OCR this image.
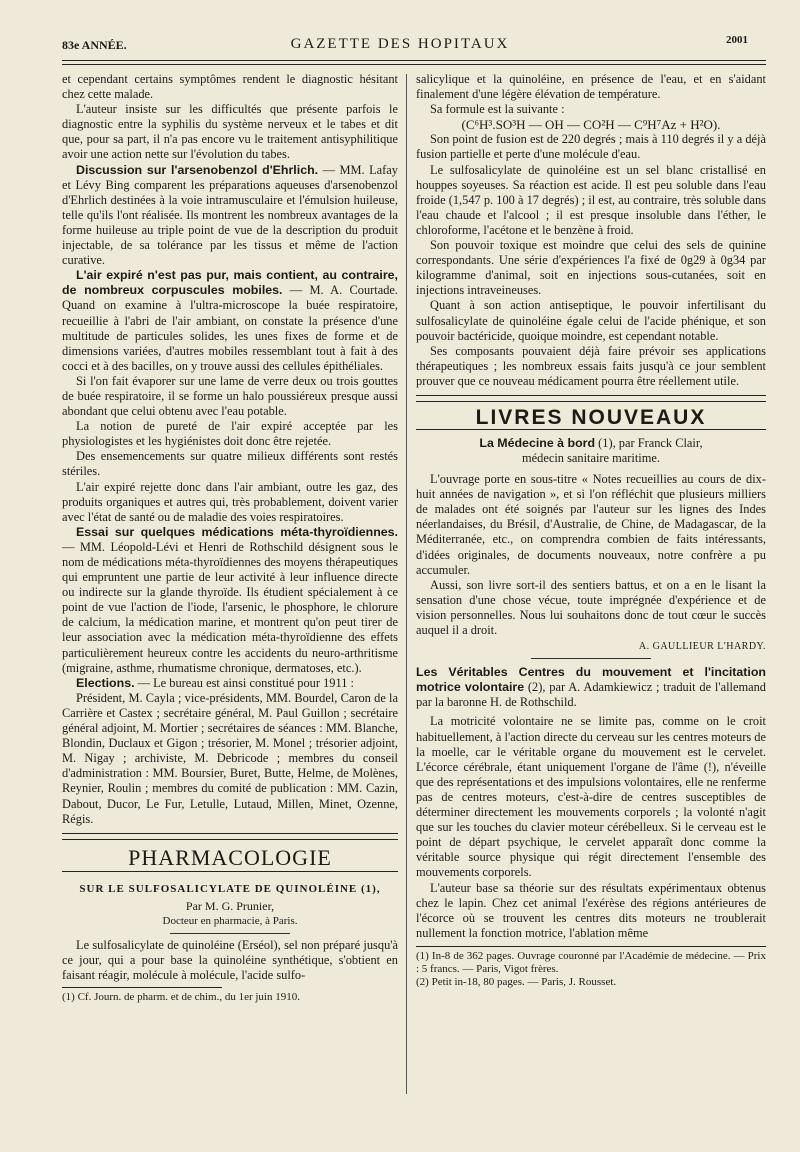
83e ANNÉE.	GAZETTE DES HOPITAUX	2001

et cependant certains symptômes rendent le diagnostic hésitant chez cette malade.

L'auteur insiste sur les difficultés que présente parfois le diagnostic entre la syphilis du système nerveux et le tabes et dit que, pour sa part, il n'a pas encore vu le traitement antisyphilitique avoir une action nette sur l'évolution du tabes.

Discussion sur l'arsenobenzol d'Ehrlich. — MM. Lafay et Lévy Bing comparent les préparations aqueuses d'arsenobenzol d'Ehrlich destinées à la voie intramusculaire et l'émulsion huileuse, telle qu'ils l'ont réalisée. Ils montrent les nombreux avantages de la forme huileuse au triple point de vue de la description du produit injectable, de sa tolérance par les tissus et même de l'action curative.

L'air expiré n'est pas pur, mais contient, au contraire, de nombreux corpuscules mobiles. — M. A. Courtade. Quand on examine à l'ultra-microscope la buée respiratoire, recueillie à l'abri de l'air ambiant, on constate la présence d'une multitude de particules solides, les unes fixes de forme et de dimensions variées, d'autres mobiles ressemblant tout à fait à des cocci et à des bacilles, on y trouve aussi des cellules épithéliales.

Si l'on fait évaporer sur une lame de verre deux ou trois gouttes de buée respiratoire, il se forme un halo poussiéreux presque aussi abondant que celui obtenu avec l'eau potable.

La notion de pureté de l'air expiré acceptée par les physiologistes et les hygiénistes doit donc être rejetée.

Des ensemencements sur quatre milieux différents sont restés stériles.

L'air expiré rejette donc dans l'air ambiant, outre les gaz, des produits organiques et autres qui, très probablement, doivent varier avec l'état de santé ou de maladie des voies respiratoires.

Essai sur quelques médications méta-thyroïdiennes. — MM. Léopold-Lévi et Henri de Rothschild désignent sous le nom de médications méta-thyroïdiennes des moyens thérapeutiques qui empruntent une partie de leur activité à leur influence directe ou indirecte sur la glande thyroïde. Ils étudient spécialement à ce point de vue l'action de l'iode, l'arsenic, le phosphore, le chlorure de calcium, la médication marine, et montrent qu'on peut tirer de leur association avec la médication méta-thyroïdienne des effets particulièrement heureux contre les accidents du neuro-arthritisme (migraine, asthme, rhumatisme chronique, dermatoses, etc.).

Elections. — Le bureau est ainsi constitué pour 1911 :

Président, M. Cayla ; vice-présidents, MM. Bourdel, Caron de la Carrière et Castex ; secrétaire général, M. Paul Guillon ; secrétaire général adjoint, M. Mortier ; secrétaires de séances : MM. Blanche, Blondin, Duclaux et Gigon ; trésorier, M. Monel ; trésorier adjoint, M. Nigay ; archiviste, M. Debricode ; membres du conseil d'administration : MM. Boursier, Buret, Butte, Helme, de Molènes, Reynier, Roulin ; membres du comité de publication : MM. Cazin, Dabout, Ducor, Le Fur, Letulle, Lutaud, Millen, Minet, Ozenne, Régis.

PHARMACOLOGIE
SUR LE SULFOSALICYLATE DE QUINOLÉINE (1),
Par M. G. Prunier,
Docteur en pharmacie, à Paris.

Le sulfosalicylate de quinoléine (Erséol), sel non préparé jusqu'à ce jour, qui a pour base la quinoléine synthétique, s'obtient en faisant réagir, molécule à molécule, l'acide sulfo-

(1) Cf. Journ. de pharm. et de chim., du 1er juin 1910.

salicylique et la quinoléine, en présence de l'eau, et en s'aidant finalement d'une légère élévation de température.

Sa formule est la suivante :

(C⁶H³.SO³H — OH — CO²H — C⁹H⁷Az + H²O).

Son point de fusion est de 220 degrés ; mais à 110 degrés il y a déjà fusion partielle et perte d'une molécule d'eau.

Le sulfosalicylate de quinoléine est un sel blanc cristallisé en houppes soyeuses. Sa réaction est acide. Il est peu soluble dans l'eau froide (1,547 p. 100 à 17 degrés) ; il est, au contraire, très soluble dans l'eau chaude et l'alcool ; il est presque insoluble dans l'éther, le chloroforme, l'acétone et le benzène à froid.

Son pouvoir toxique est moindre que celui des sels de quinine correspondants. Une série d'expériences l'a fixé de 0g29 à 0g34 par kilogramme d'animal, soit en injections sous-cutanées, soit en injections intraveineuses.

Quant à son action antiseptique, le pouvoir infertilisant du sulfosalicylate de quinoléine égale celui de l'acide phénique, et son pouvoir bactéricide, quoique moindre, est cependant notable.

Ses composants pouvaient déjà faire prévoir ses applications thérapeutiques ; les nombreux essais faits jusqu'à ce jour semblent prouver que ce nouveau médicament pourra être réellement utile.

LIVRES NOUVEAUX
La Médecine à bord (1), par Franck Clair,
médecin sanitaire maritime.

L'ouvrage porte en sous-titre « Notes recueillies au cours de dix-huit années de navigation », et si l'on réfléchit que plusieurs milliers de malades ont été soignés par l'auteur sur les lignes des Indes néerlandaises, du Brésil, d'Australie, de Chine, de Madagascar, de la Méditerranée, etc., on comprendra combien de faits intéressants, d'idées originales, de documents nouveaux, notre confrère a pu accumuler.

Aussi, son livre sort-il des sentiers battus, et on a en le lisant la sensation d'une chose vécue, toute imprégnée d'expérience et de vision personnelles. Nous lui souhaitons donc de tout cœur le succès auquel il a droit.

A. GAULLIEUR L'HARDY.

Les Véritables Centres du mouvement et l'incitation motrice volontaire (2), par A. Adamkiewicz ; traduit de l'allemand par la baronne H. de Rothschild.

La motricité volontaire ne se limite pas, comme on le croit habituellement, à l'action directe du cerveau sur les centres moteurs de la moelle, car le véritable organe du mouvement est le cervelet. L'écorce cérébrale, étant uniquement l'organe de l'âme (!), n'éveille que des représentations et des impulsions volontaires, elle ne renferme pas de centres moteurs, c'est-à-dire de centres susceptibles de déterminer directement les mouvements corporels ; la volonté n'agit que sur les touches du clavier moteur cérébelleux. Si le cerveau est le point de départ psychique, le cervelet apparaît donc comme la véritable source physique qui régit directement l'ensemble des mouvements corporels.

L'auteur base sa théorie sur des résultats expérimentaux obtenus chez le lapin. Chez cet animal l'exérèse des régions antérieures de l'écorce où se trouvent les centres dits moteurs ne troublerait nullement la fonction motrice, l'ablation même

(1) In-8 de 362 pages. Ouvrage couronné par l'Académie de médecine. — Prix : 5 francs. — Paris, Vigot frères.

(2) Petit in-18, 80 pages. — Paris, J. Rousset.
